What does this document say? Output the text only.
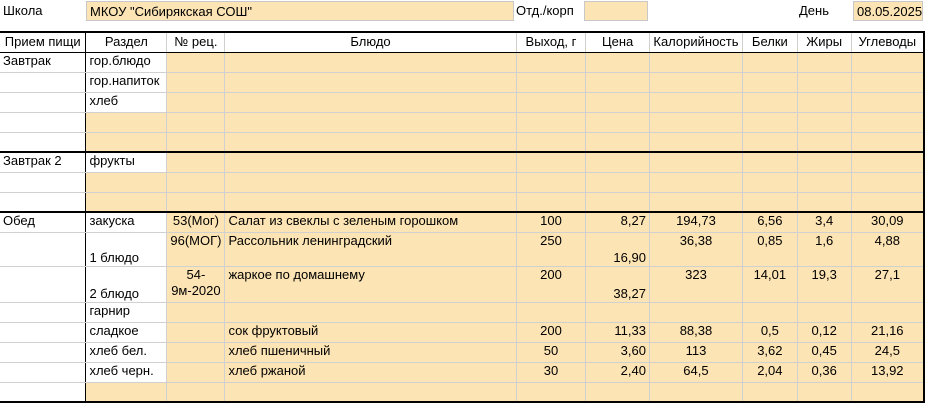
Школа	МКОУ "Сибирякская СОШ"	Отд./корп	День	08.05.2025
Прием пищи	Раздел	№ рец.	Блюдо	Выход, г	Цена	Калорийность	Белки	Жиры	Углеводы
Завтрак	гор.блюдо								
	гор.напиток								
	хлеб								

Завтрак 2	фрукты								

Обед	закуска	53(Мог)	Салат из свеклы с зеленым горошком	100	8,27	194,73	6,56	3,4	30,09
	1 блюдо	96(МОГ)	Рассольник ленинградский	250	16,90	36,38	0,85	1,6	4,88
	2 блюдо	54-9м-2020	жаркое по домашнему	200	38,27	323	14,01	19,3	27,1
	гарнир								
	сладкое		сок фруктовый	200	11,33	88,38	0,5	0,12	21,16
	хлеб бел.		хлеб пшеничный	50	3,60	113	3,62	0,45	24,5
	хлеб черн.		хлеб ржаной	30	2,40	64,5	2,04	0,36	13,92
